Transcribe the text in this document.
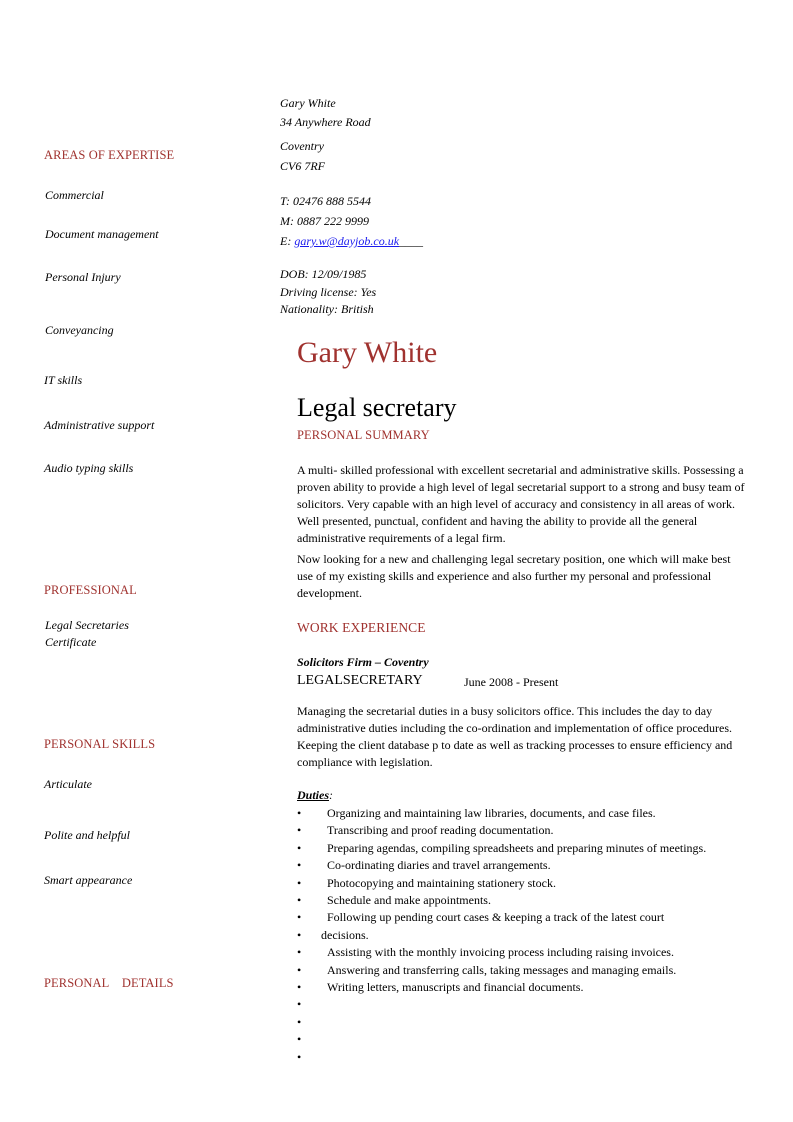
Gary White
34 Anywhere Road
Coventry
CV6 7RF
T: 02476 888 5544
M: 0887 222 9999
E: gary.w@dayjob.co.uk____
DOB: 12/09/1985
Driving license: Yes
Nationality: British
AREAS OF EXPERTISE
Commercial
Document management
Personal Injury
Conveyancing
IT skills
Administrative support
Audio typing skills
PROFESSIONAL
Legal Secretaries
Certificate
PERSONAL SKILLS
Articulate
Polite and helpful
Smart appearance
PERSONAL    DETAILS
Gary White
Legal secretary
PERSONAL SUMMARY
A multi- skilled professional with excellent secretarial and administrative skills. Possessing a proven ability to provide a high level of legal secretarial support to a strong and busy team of solicitors. Very capable with an high level of accuracy and consistency in all areas of work. Well presented, punctual, confident and having the ability to provide all the general administrative requirements of a legal firm.
Now looking for a new and challenging legal secretary position, one which will make best use of my existing skills and experience and also further my personal and professional development.
WORK EXPERIENCE
Solicitors Firm – Coventry
LEGALSECRETARY	June 2008 - Present
Managing the secretarial duties in a busy solicitors office. This includes the day to day administrative duties including the co-ordination and implementation of office procedures. Keeping the client database p to date as well as tracking processes to ensure efficiency and compliance with legislation.
Duties:
•	Organizing and maintaining law libraries, documents, and case files.
•	Transcribing and proof reading documentation.
•	Preparing agendas, compiling spreadsheets and preparing minutes of meetings.
•	Co-ordinating diaries and travel arrangements.
•	Photocopying and maintaining stationery stock.
•	Schedule and make appointments.
•	Following up pending court cases & keeping a track of the latest court
•	decisions.
•	Assisting with the monthly invoicing process including raising invoices.
•	Answering and transferring calls, taking messages and managing emails.
•	Writing letters, manuscripts and financial documents.
•
•
•
•
